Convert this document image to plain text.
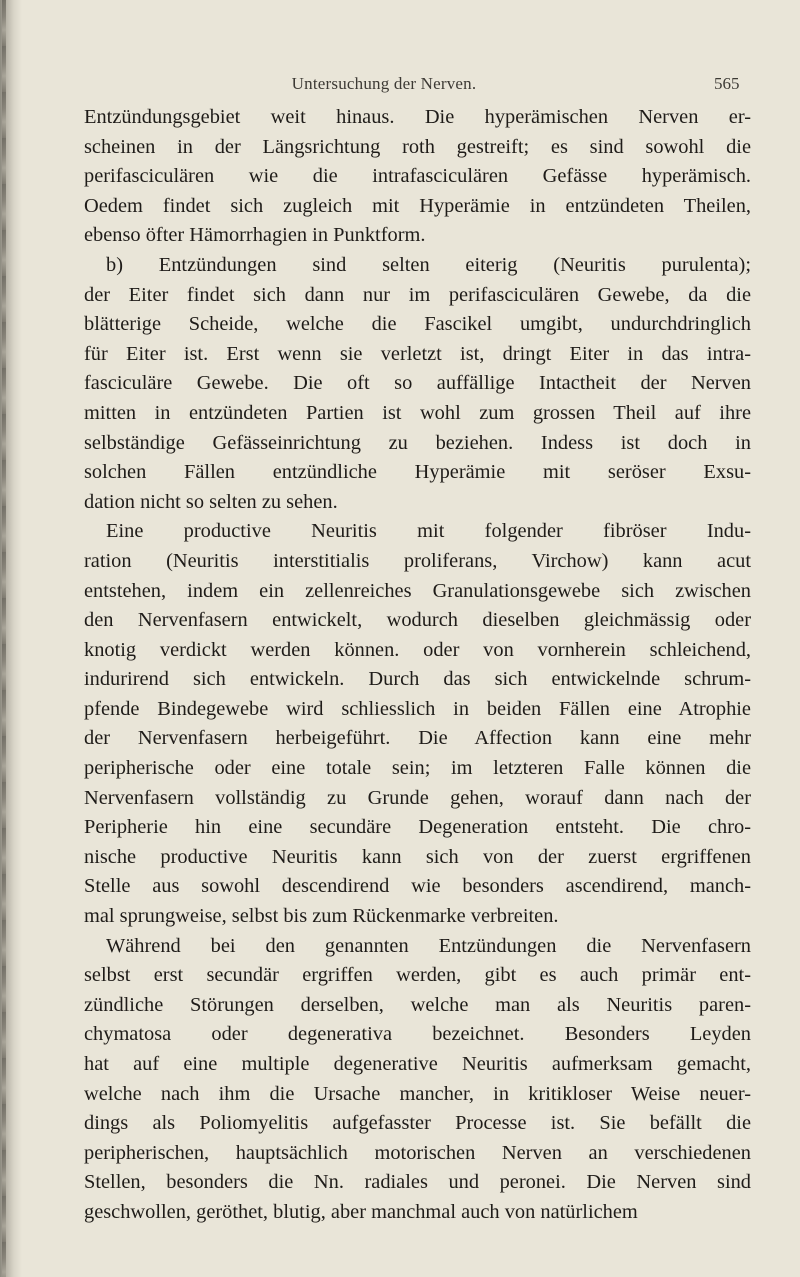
Untersuchung der Nerven.	565
Entzündungsgebiet weit hinaus. Die hyperämischen Nerven er-
scheinen in der Längsrichtung roth gestreift; es sind sowohl die
perifasciculären wie die intrafasciculären Gefässe hyperämisch.
Oedem findet sich zugleich mit Hyperämie in entzündeten Theilen,
ebenso öfter Hämorrhagien in Punktform.
b) Entzündungen sind selten eiterig (Neuritis purulenta);
der Eiter findet sich dann nur im perifasciculären Gewebe, da die
blätterige Scheide, welche die Fascikel umgibt, undurchdringlich
für Eiter ist. Erst wenn sie verletzt ist, dringt Eiter in das intra-
fasciculäre Gewebe. Die oft so auffällige Intactheit der Nerven
mitten in entzündeten Partien ist wohl zum grossen Theil auf ihre
selbständige Gefässeinrichtung zu beziehen. Indess ist doch in
solchen Fällen entzündliche Hyperämie mit seröser Exsu-
dation nicht so selten zu sehen.
Eine productive Neuritis mit folgender fibröser Indu-
ration (Neuritis interstitialis proliferans, Virchow) kann acut
entstehen, indem ein zellenreiches Granulationsgewebe sich zwischen
den Nervenfasern entwickelt, wodurch dieselben gleichmässig oder
knotig verdickt werden können. oder von vornherein schleichend,
indurirend sich entwickeln. Durch das sich entwickelnde schrum-
pfende Bindegewebe wird schliesslich in beiden Fällen eine Atrophie
der Nervenfasern herbeigeführt. Die Affection kann eine mehr
peripherische oder eine totale sein; im letzteren Falle können die
Nervenfasern vollständig zu Grunde gehen, worauf dann nach der
Peripherie hin eine secundäre Degeneration entsteht. Die chro-
nische productive Neuritis kann sich von der zuerst ergriffenen
Stelle aus sowohl descendirend wie besonders ascendirend, manch-
mal sprungweise, selbst bis zum Rückenmarke verbreiten.
Während bei den genannten Entzündungen die Nervenfasern
selbst erst secundär ergriffen werden, gibt es auch primär ent-
zündliche Störungen derselben, welche man als Neuritis paren-
chymatosa oder degenerativa bezeichnet. Besonders Leyden
hat auf eine multiple degenerative Neuritis aufmerksam gemacht,
welche nach ihm die Ursache mancher, in kritikloser Weise neuer-
dings als Poliomyelitis aufgefasster Processe ist. Sie befällt die
peripherischen, hauptsächlich motorischen Nerven an verschiedenen
Stellen, besonders die Nn. radiales und peronei. Die Nerven sind
geschwollen, geröthet, blutig, aber manchmal auch von natürlichem
